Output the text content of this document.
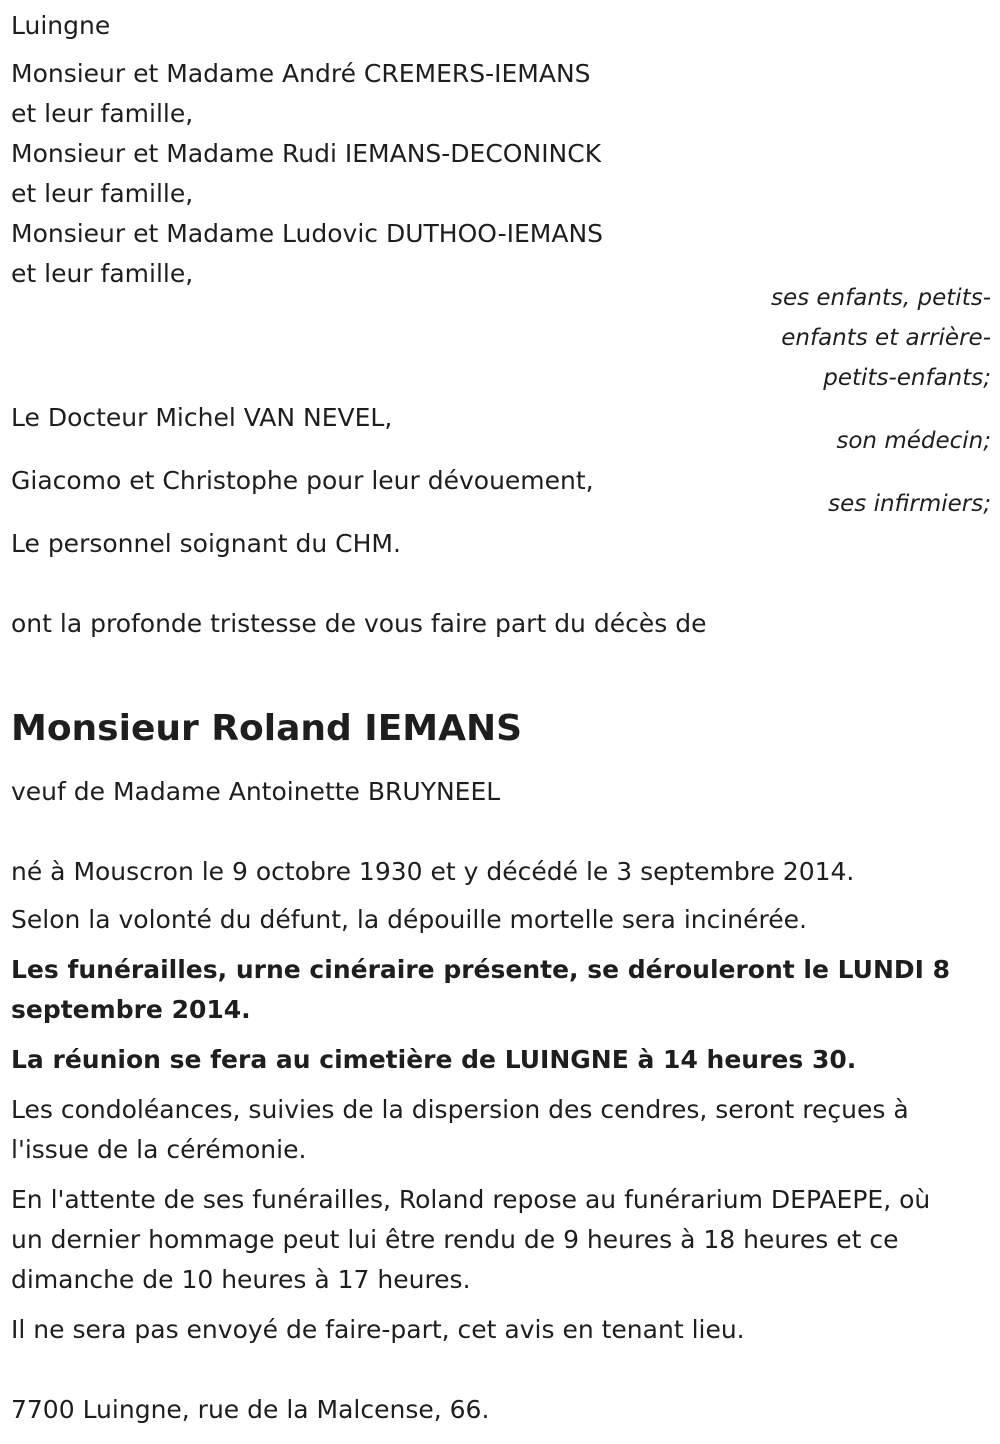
Luingne

Monsieur et Madame André CREMERS-IEMANS

et leur famille,

Monsieur et Madame Rudi IEMANS-DECONINCK

et leur famille,

Monsieur et Madame Ludovic DUTHOO-IEMANS

et leur famille,

ses enfants, petits-
enfants et arrière-
petits-enfants;

Le Docteur Michel VAN NEVEL,

son médecin;

Giacomo et Christophe pour leur dévouement,

ses infirmiers;

Le personnel soignant du CHM.

ont la profonde tristesse de vous faire part du décès de

Monsieur Roland IEMANS

veuf de Madame Antoinette BRUYNEEL

né à Mouscron le 9 octobre 1930 et y décédé le 3 septembre 2014.

Selon la volonté du défunt, la dépouille mortelle sera incinérée.

Les funérailles, urne cinéraire présente, se dérouleront le LUNDI 8

septembre 2014.

La réunion se fera au cimetière de LUINGNE à 14 heures 30.

Les condoléances, suivies de la dispersion des cendres, seront reçues à

l'issue de la cérémonie.

En l'attente de ses funérailles, Roland repose au funérarium DEPAEPE, où

un dernier hommage peut lui être rendu de 9 heures à 18 heures et ce

dimanche de 10 heures à 17 heures.

Il ne sera pas envoyé de faire-part, cet avis en tenant lieu.

7700 Luingne, rue de la Malcense, 66.
